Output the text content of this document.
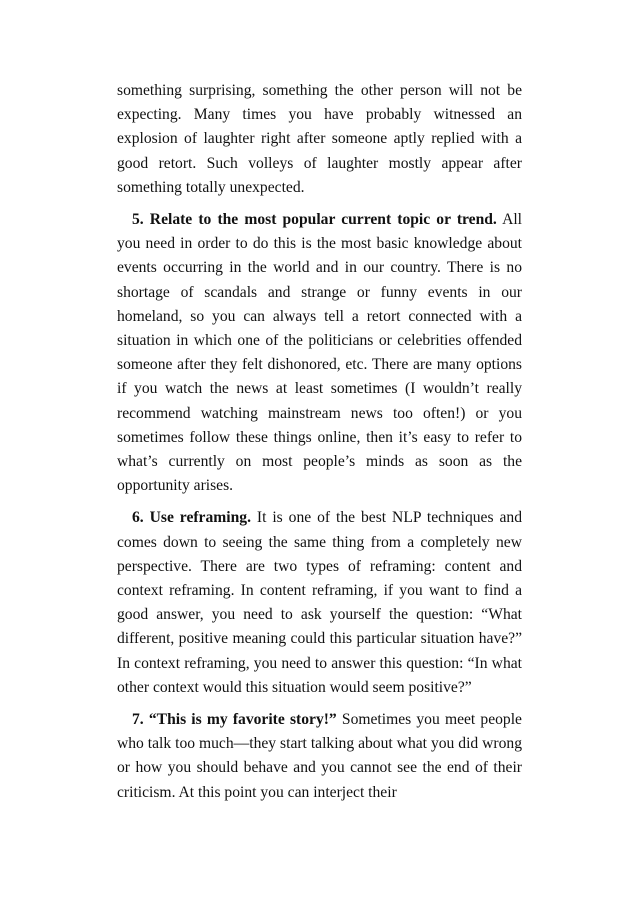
something surprising, something the other person will not be expecting. Many times you have probably witnessed an explosion of laughter right after someone aptly replied with a good retort. Such volleys of laughter mostly appear after something totally unexpected.

5. Relate to the most popular current topic or trend. All you need in order to do this is the most basic knowledge about events occurring in the world and in our country. There is no shortage of scandals and strange or funny events in our homeland, so you can always tell a retort connected with a situation in which one of the politicians or celebrities offended someone after they felt dishonored, etc. There are many options if you watch the news at least sometimes (I wouldn’t really recommend watching mainstream news too often!) or you sometimes follow these things online, then it’s easy to refer to what’s currently on most people’s minds as soon as the opportunity arises.

6. Use reframing. It is one of the best NLP techniques and comes down to seeing the same thing from a completely new perspective. There are two types of reframing: content and context reframing. In content reframing, if you want to find a good answer, you need to ask yourself the question: “What different, positive meaning could this particular situation have?” In context reframing, you need to answer this question: “In what other context would this situation would seem positive?”

7. “This is my favorite story!” Sometimes you meet people who talk too much—they start talking about what you did wrong or how you should behave and you cannot see the end of their criticism. At this point you can interject their
